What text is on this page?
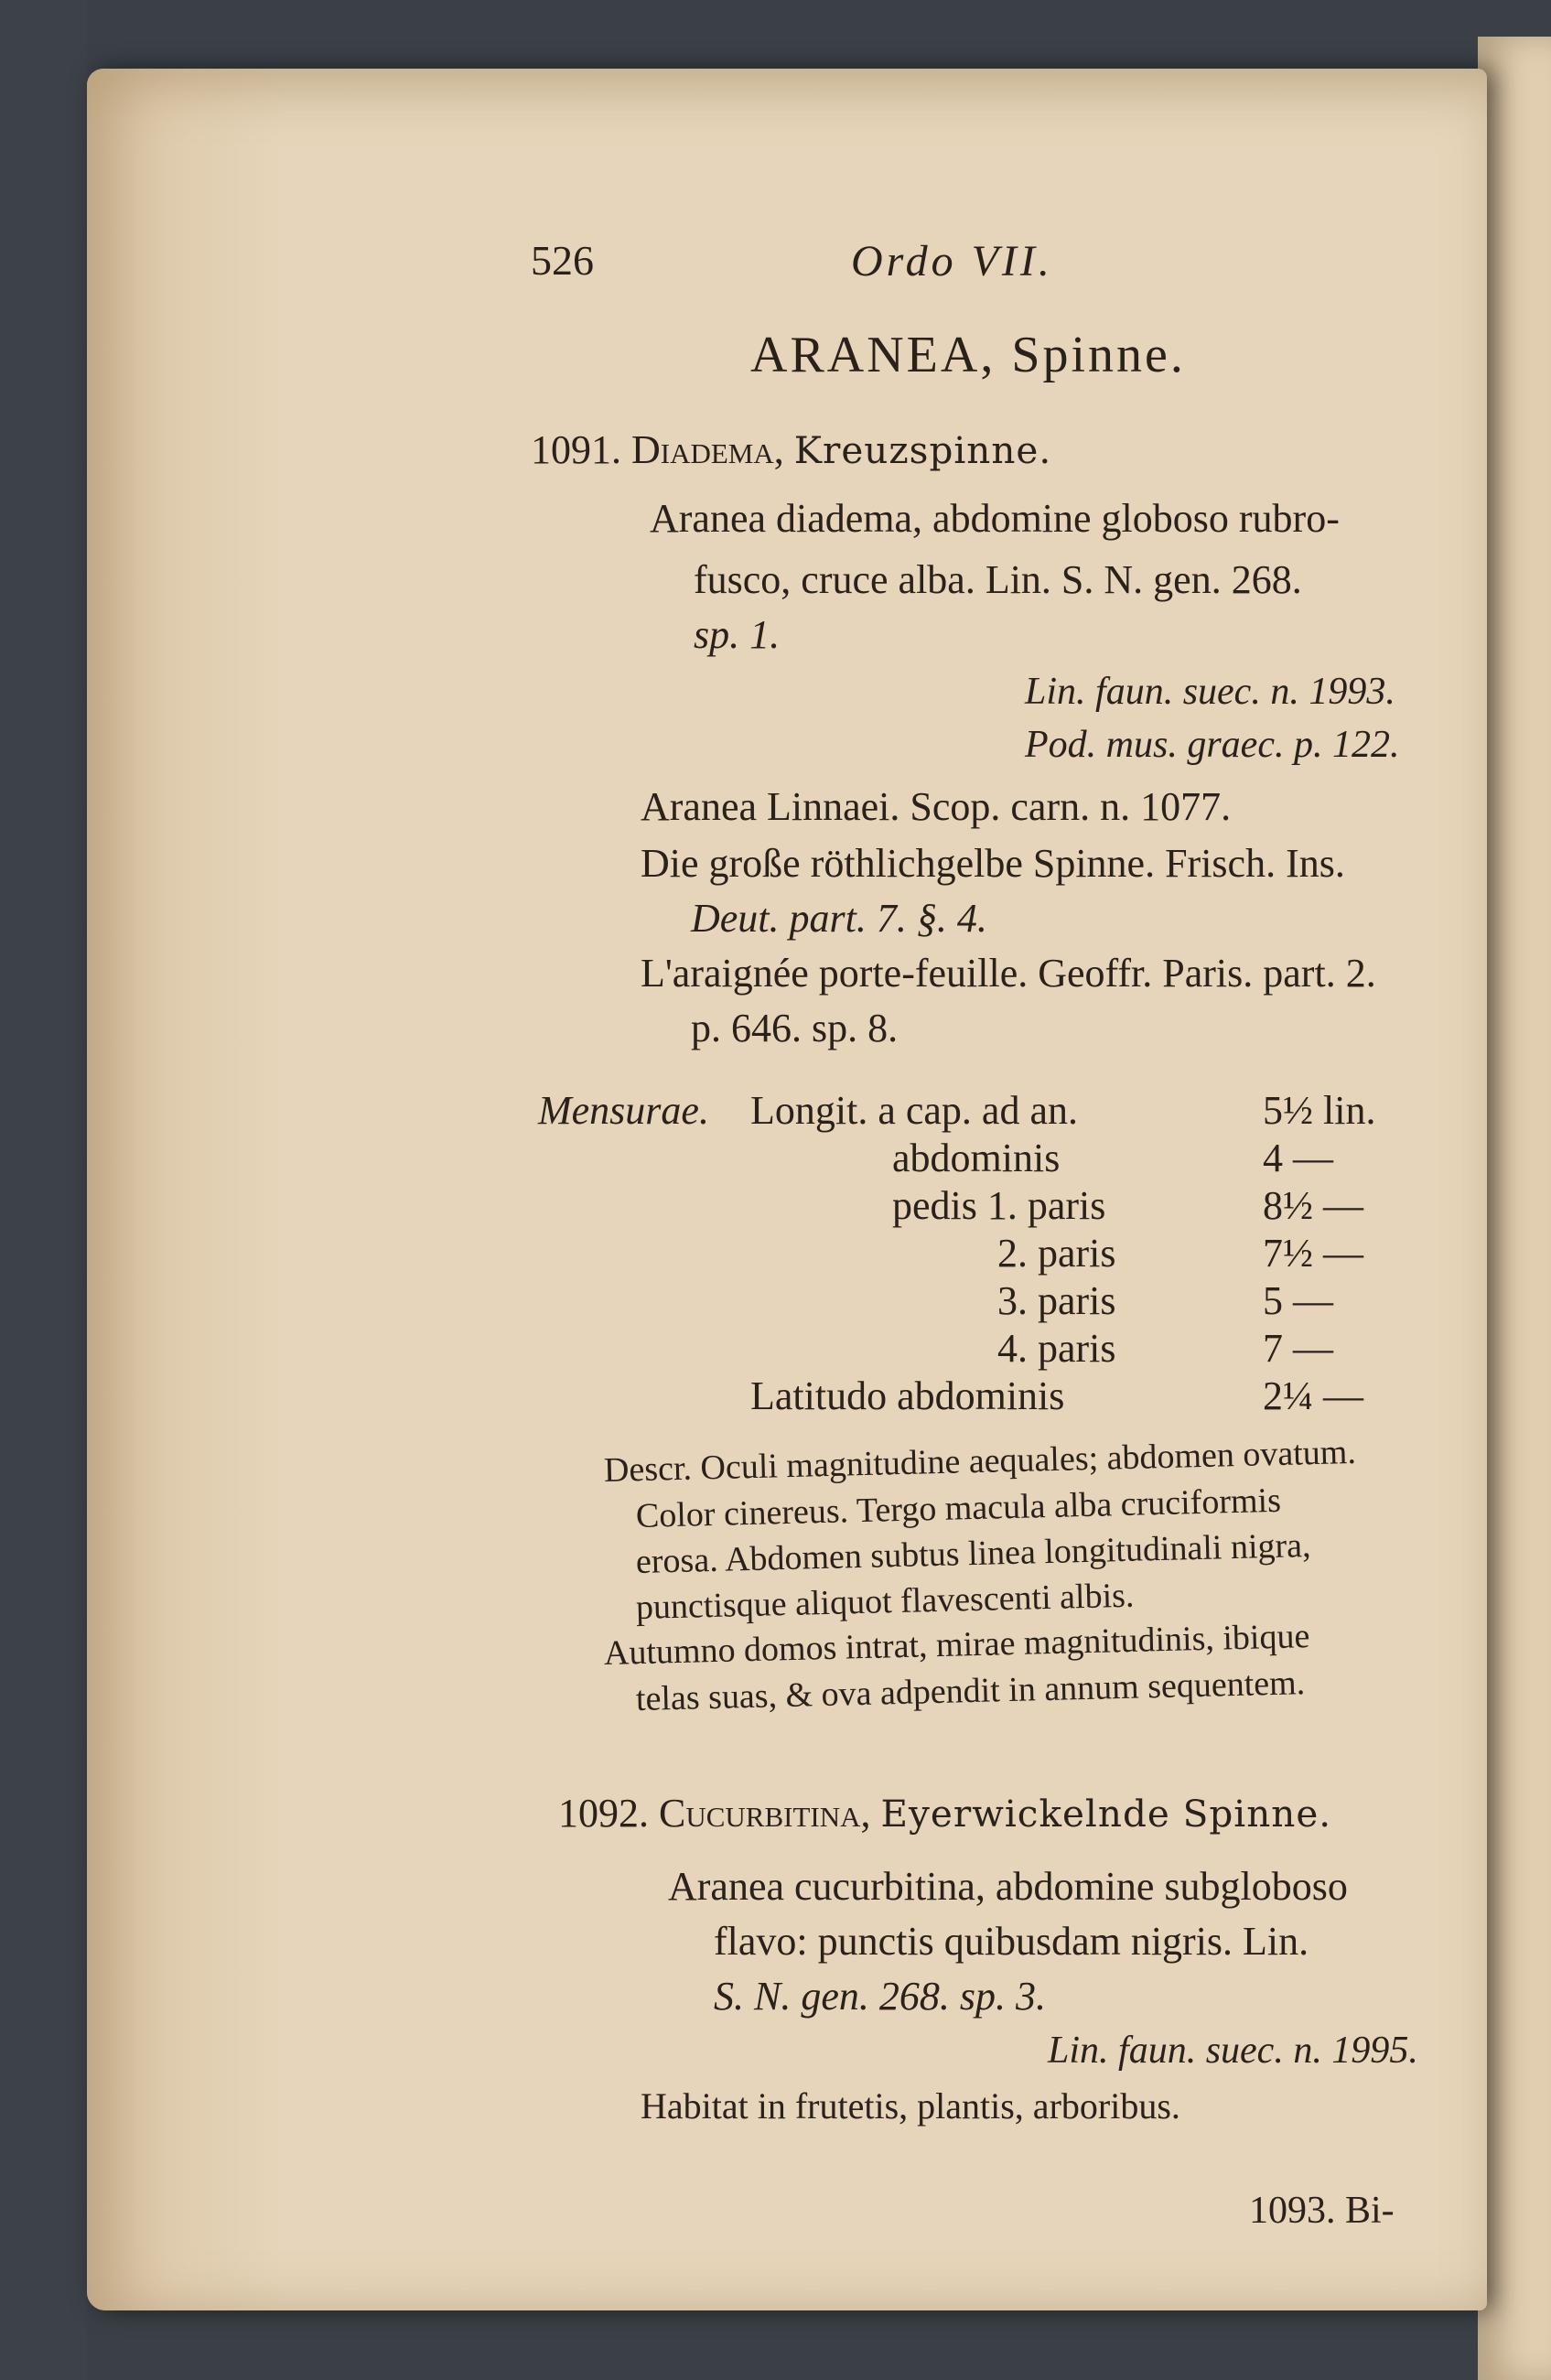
526	Ordo VII.
ARANEA, Spinne.
1091. Diadema, Kreuzspinne.
Aranea diadema, abdomine globoso rubro-
fusco, cruce alba. Lin. S. N. gen. 268.
sp. 1.
Lin. faun. suec. n. 1993.
Pod. mus. graec. p. 122.
Aranea Linnaei. Scop. carn. n. 1077.
Die große röthlichgelbe Spinne. Frisch. Ins.
Deut. part. 7. §. 4.
L'araignée porte-feuille. Geoffr. Paris. part. 2.
p. 646. sp. 8.
Mensurae. Longit. a cap. ad an.	5½ lin.
abdominis	4 —
pedis 1. paris	8½ —
2. paris	7½ —
3. paris	5 —
4. paris	7 —
Latitudo abdominis	2¼ —
Descr. Oculi magnitudine aequales; abdomen ovatum.
Color cinereus. Tergo macula alba cruciformis
erosa. Abdomen subtus linea longitudinali nigra,
punctisque aliquot flavescenti albis.
Autumno domos intrat, mirae magnitudinis, ibique
telas suas, & ova adpendit in annum sequentem.
1092. Cucurbitina, Eyerwickelnde Spinne.
Aranea cucurbitina, abdomine subgloboso
flavo: punctis quibusdam nigris. Lin.
S. N. gen. 268. sp. 3.
Lin. faun. suec. n. 1995.
Habitat in frutetis, plantis, arboribus.
1093. Bi-
